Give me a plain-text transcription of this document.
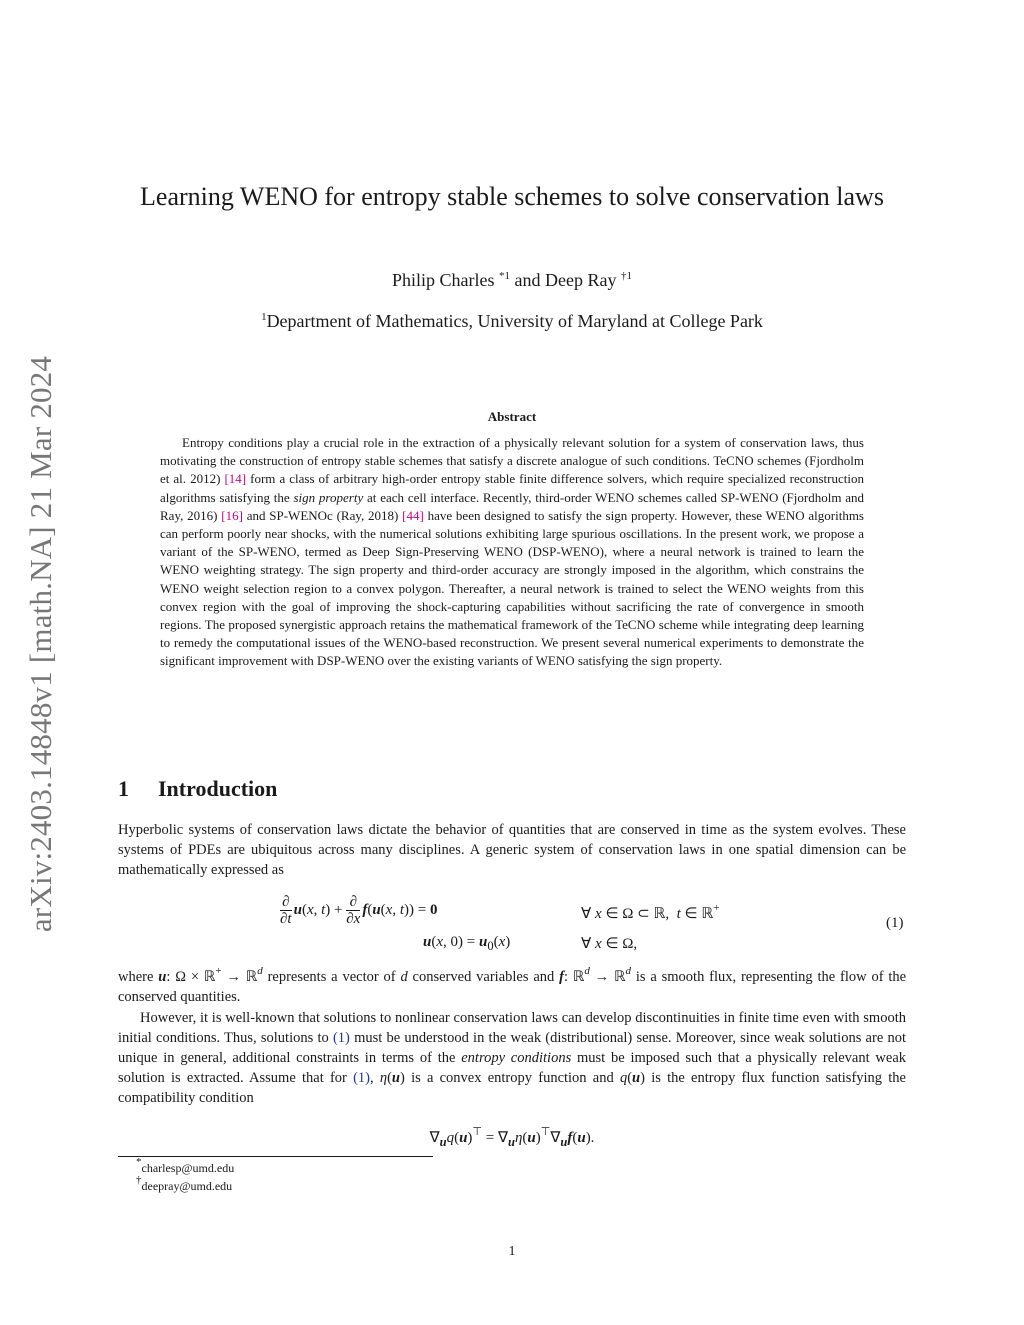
arXiv:2403.14848v1 [math.NA] 21 Mar 2024
Learning WENO for entropy stable schemes to solve conservation laws
Philip Charles $^{*1}$ and Deep Ray $^{\dagger 1}$
$^1$Department of Mathematics, University of Maryland at College Park
Abstract

Entropy conditions play a crucial role in the extraction of a physically relevant solution for a system of conservation laws, thus motivating the construction of entropy stable schemes that satisfy a discrete analogue of such conditions. TeCNO schemes (Fjordholm et al. 2012) [14] form a class of arbitrary high-order entropy stable finite difference solvers, which require specialized reconstruction algorithms satisfying the sign property at each cell interface. Recently, third-order WENO schemes called SP-WENO (Fjordholm and Ray, 2016) [16] and SP-WENOc (Ray, 2018) [44] have been designed to satisfy the sign property. However, these WENO algorithms can perform poorly near shocks, with the numerical solutions exhibiting large spurious oscillations. In the present work, we propose a variant of the SP-WENO, termed as Deep Sign-Preserving WENO (DSP-WENO), where a neural network is trained to learn the WENO weighting strategy. The sign property and third-order accuracy are strongly imposed in the algorithm, which constrains the WENO weight selection region to a convex polygon. Thereafter, a neural network is trained to select the WENO weights from this convex region with the goal of improving the shock-capturing capabilities without sacrificing the rate of convergence in smooth regions. The proposed synergistic approach retains the mathematical framework of the TeCNO scheme while integrating deep learning to remedy the computational issues of the WENO-based reconstruction. We present several numerical experiments to demonstrate the significant improvement with DSP-WENO over the existing variants of WENO satisfying the sign property.

1 Introduction

Hyperbolic systems of conservation laws dictate the behavior of quantities that are conserved in time as the system evolves. These systems of PDEs are ubiquitous across many disciplines. A generic system of conservation laws in one spatial dimension can be mathematically expressed as

$\frac{\partial}{\partial t} u(x$, $t) + \frac{\partial}{\partial x} f(u(x$, t)) = 0	∀ x ∈ Ω ⊂ ℝ,  t ∈ ℝ+
u(x, $0) = u_0(x)$	∀ x ∈ Ω,
(1)

where u: Ω × ℝ+ → ℝ$^d$ represents a vector of d conserved variables and f: ℝ$^d$ → ℝ$^d$ is a smooth flux, representing the flow of the conserved quantities.

However, it is well-known that solutions to nonlinear conservation laws can develop discontinuities in finite time even with smooth initial conditions. Thus, solutions to (1) must be understood in the weak (distributional) sense. Moreover, since weak solutions are not unique in general, additional constraints in terms of the entropy conditions must be imposed such that a physically relevant weak solution is extracted. Assume that for (1), η(u) is a convex entropy function and q(u) is the entropy flux function satisfying the compatibility condition

$\nabla_uq(u)^⊤ = \nabla_u\eta(u)^⊤\nabla_uf(u)$.
*charlesp@umd.edu
†deepray@umd.edu
1
